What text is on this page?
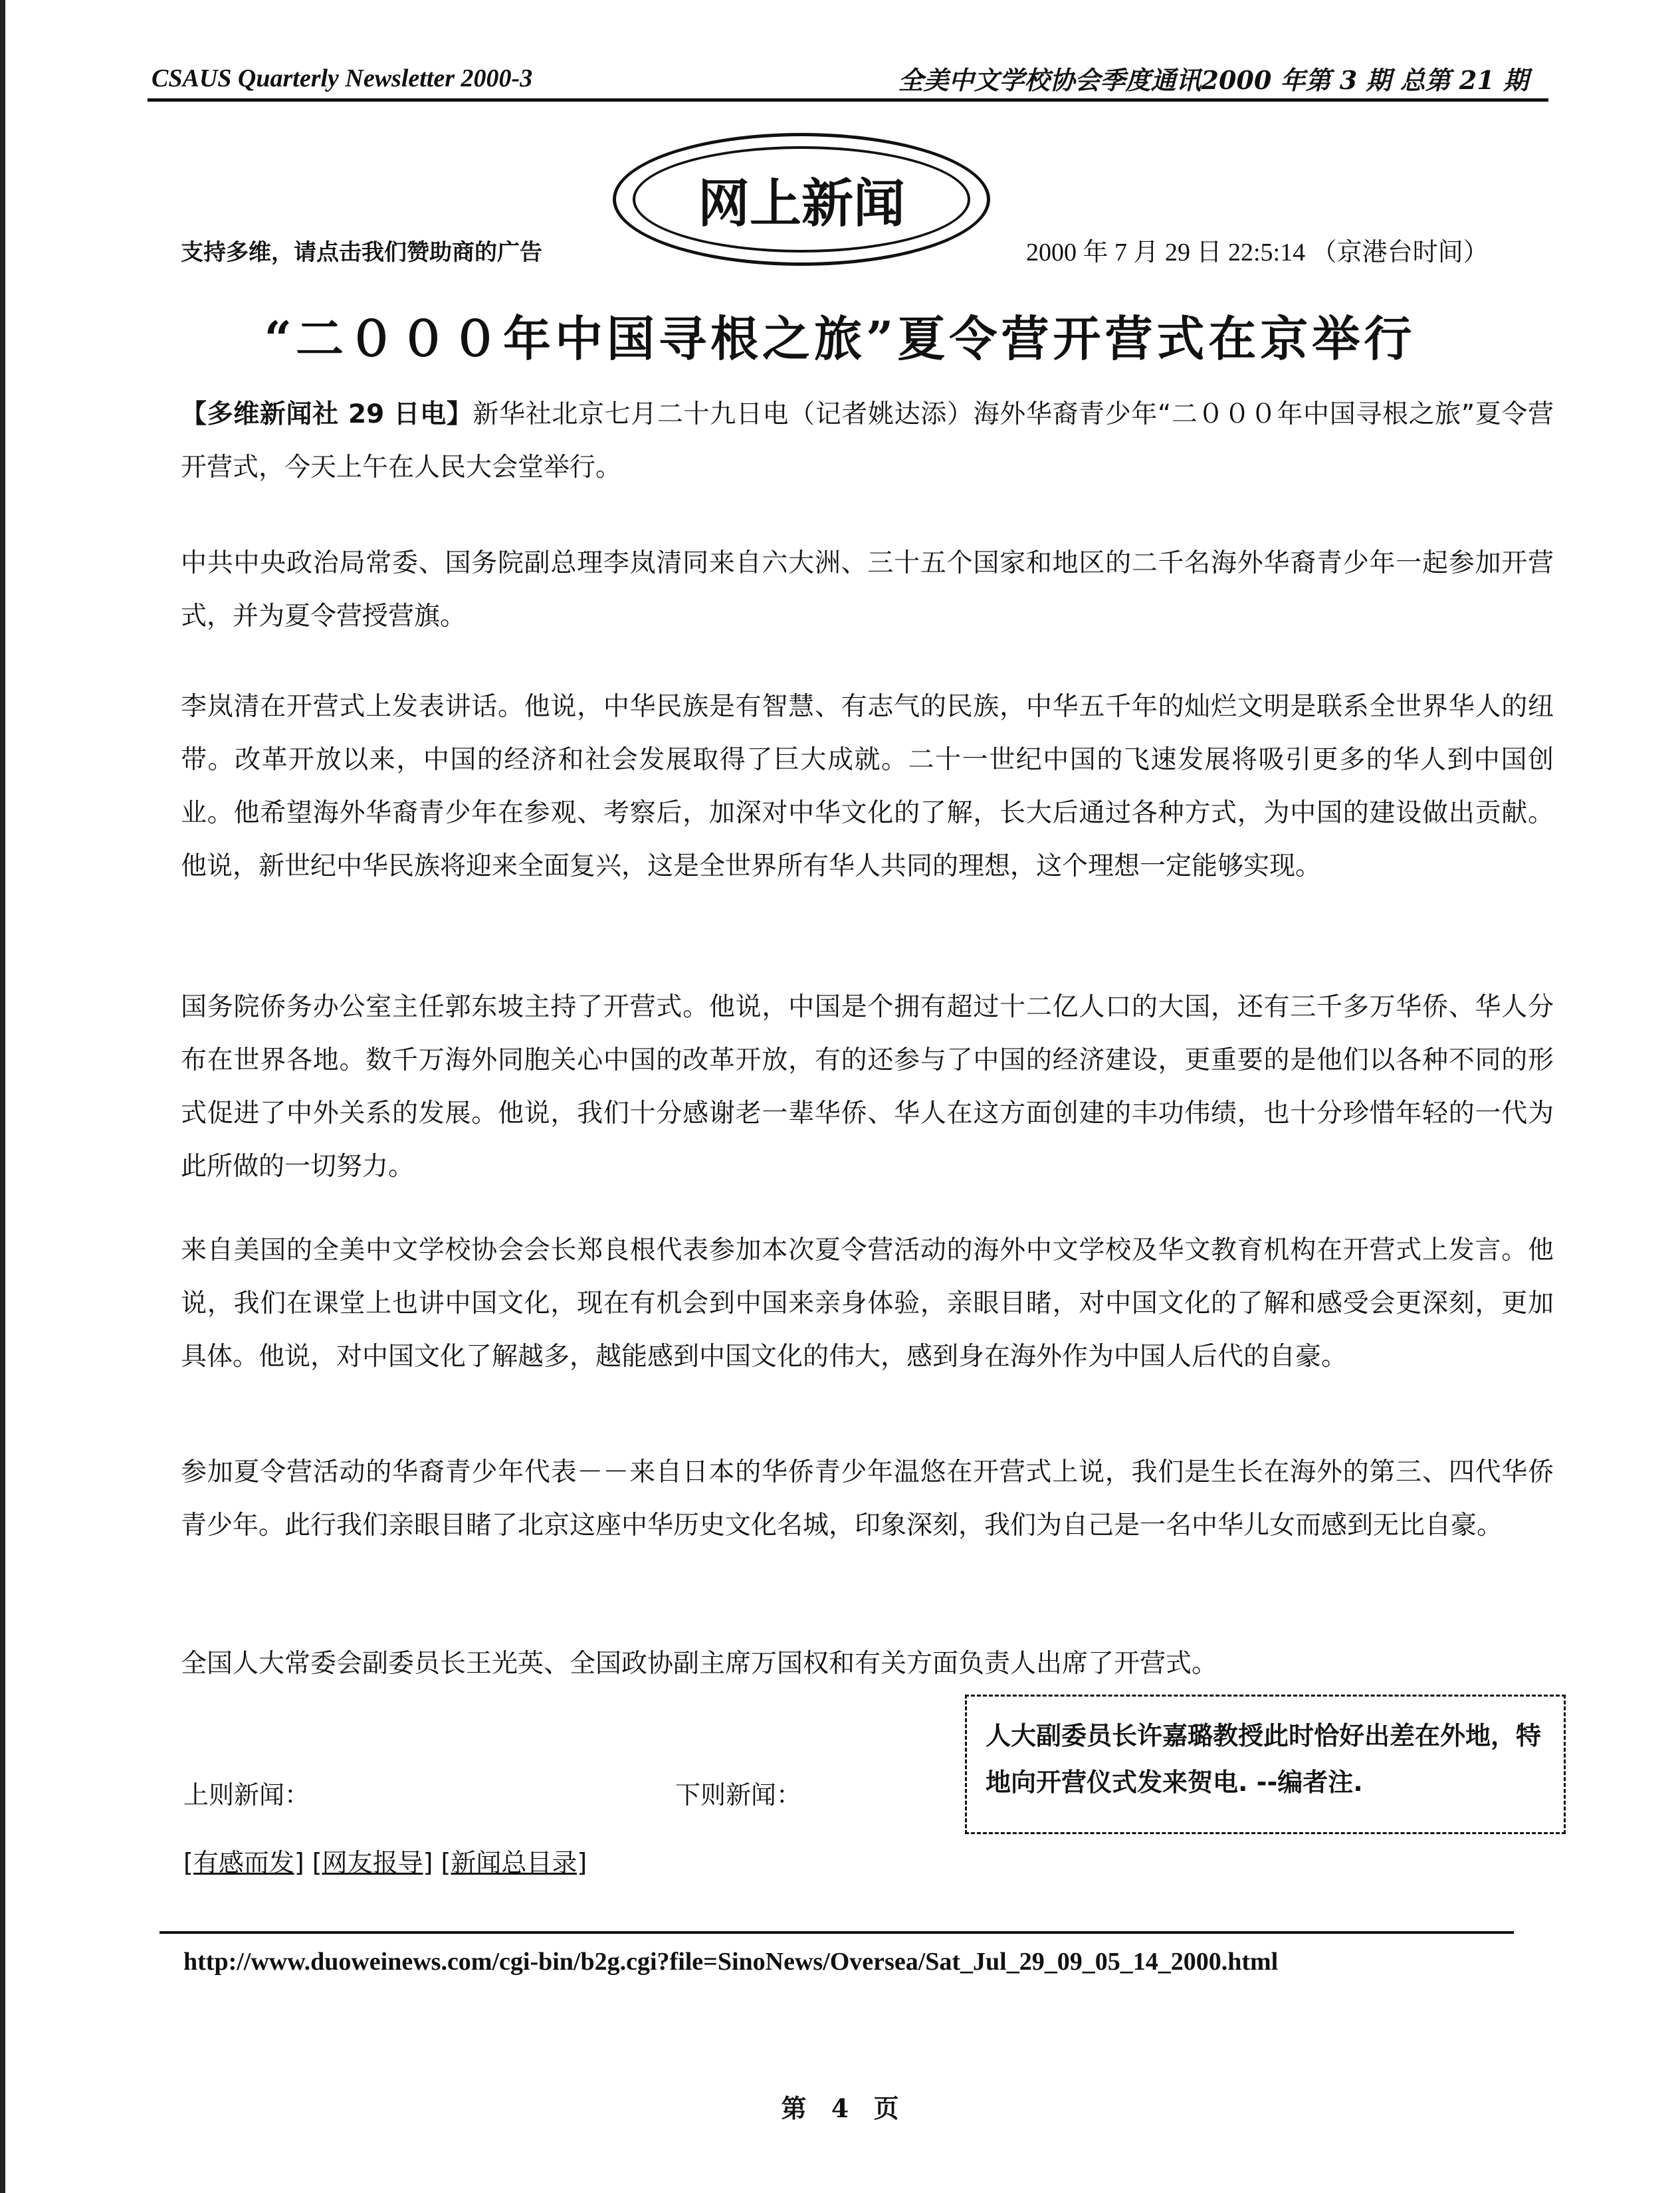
CSAUS Quarterly Newsletter 2000-3	全美中文学校协会季度通讯2000 年第 3 期 总第 21 期
网上新闻
支持多维，请点击我们赞助商的广告	2000 年 7 月 29 日 22:5:14 （京港台时间）
“二０００年中国寻根之旅”夏令营开营式在京举行
【多维新闻社 29 日电】新华社北京七月二十九日电（记者姚达添）海外华裔青少年“二０００年中国寻根之旅”夏令营开营式，今天上午在人民大会堂举行。
中共中央政治局常委、国务院副总理李岚清同来自六大洲、三十五个国家和地区的二千名海外华裔青少年一起参加开营式，并为夏令营授营旗。
李岚清在开营式上发表讲话。他说，中华民族是有智慧、有志气的民族，中华五千年的灿烂文明是联系全世界华人的纽带。改革开放以来，中国的经济和社会发展取得了巨大成就。二十一世纪中国的飞速发展将吸引更多的华人到中国创业。他希望海外华裔青少年在参观、考察后，加深对中华文化的了解，长大后通过各种方式，为中国的建设做出贡献。他说，新世纪中华民族将迎来全面复兴，这是全世界所有华人共同的理想，这个理想一定能够实现。
国务院侨务办公室主任郭东坡主持了开营式。他说，中国是个拥有超过十二亿人口的大国，还有三千多万华侨、华人分布在世界各地。数千万海外同胞关心中国的改革开放，有的还参与了中国的经济建设，更重要的是他们以各种不同的形式促进了中外关系的发展。他说，我们十分感谢老一辈华侨、华人在这方面创建的丰功伟绩，也十分珍惜年轻的一代为此所做的一切努力。
来自美国的全美中文学校协会会长郑良根代表参加本次夏令营活动的海外中文学校及华文教育机构在开营式上发言。他说，我们在课堂上也讲中国文化，现在有机会到中国来亲身体验，亲眼目睹，对中国文化的了解和感受会更深刻，更加具体。他说，对中国文化了解越多，越能感到中国文化的伟大，感到身在海外作为中国人后代的自豪。
参加夏令营活动的华裔青少年代表－－来自日本的华侨青少年温悠在开营式上说，我们是生长在海外的第三、四代华侨青少年。此行我们亲眼目睹了北京这座中华历史文化名城，印象深刻，我们为自己是一名中华儿女而感到无比自豪。
全国人大常委会副委员长王光英、全国政协副主席万国权和有关方面负责人出席了开营式。
人大副委员长许嘉璐教授此时恰好出差在外地，特地向开营仪式发来贺电. --编者注.
上则新闻：	下则新闻：
[有感而发] [网友报导] [新闻总目录]
http://www.duoweinews.com/cgi-bin/b2g.cgi?file=SinoNews/Oversea/Sat_Jul_29_09_05_14_2000.html
第 4 页
